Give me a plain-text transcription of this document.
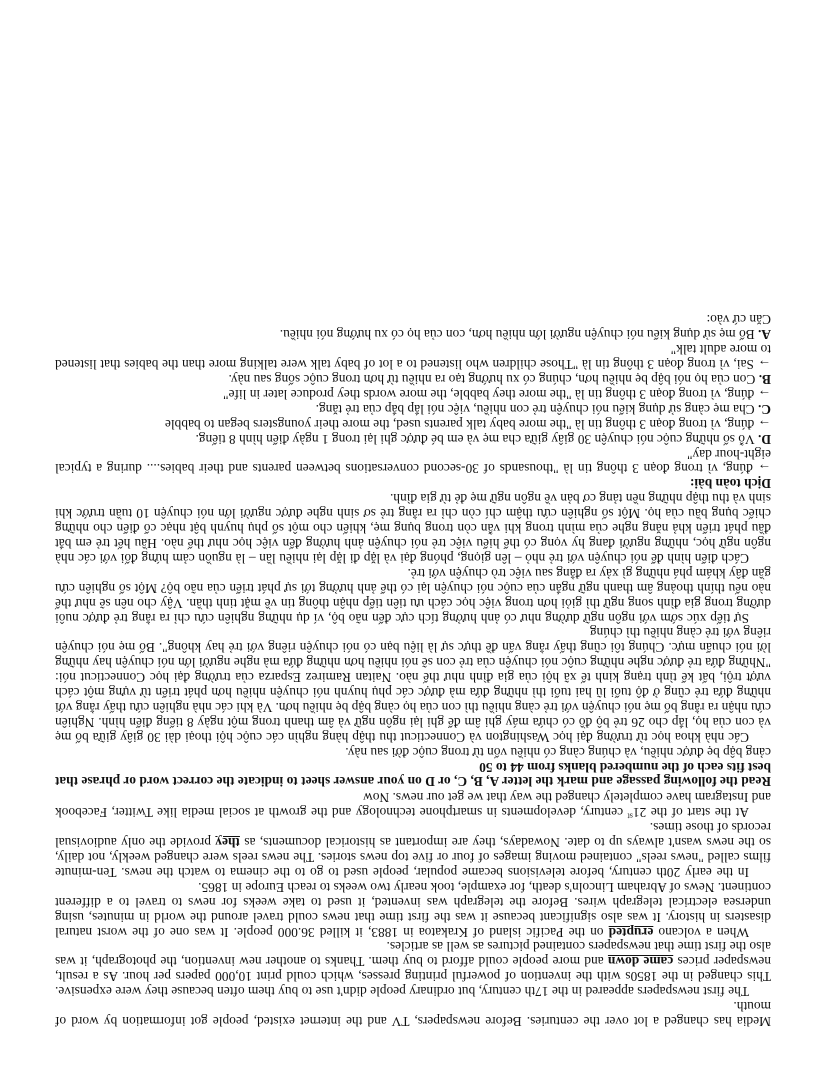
Media has changed a lot over the centuries. Before newspapers, TV and the internet existed, people got information by word of mouth.

The first newspapers appeared in the 17th century, but ordinary people didn't use to buy them often because they were expensive. This changed in the 1850s with the invention of powerful printing presses, which could print 10,000 papers per hour. As a result, newspaper prices came down and more people could afford to buy them. Thanks to another new invention, the photograph, it was also the first time that newspapers contained pictures as well as articles.

When a volcano erupted on the Pacific island of Krakatoa in 1883, it killed 36.000 people. It was one of the worst natural disasters in history. It was also significant because it was the first time that news could travel around the world in minutes, using undersea electrical telegraph wires. Before the telegraph was invented, it used to take weeks for news to travel to a different continent. News of Abraham Lincoln's death, for example, took nearly two weeks to reach Europe in 1865.

In the early 20th century, before televisions became popular, people used to go to the cinema to watch the news. Ten-minute films called "news reels" contained moving images of four or five top news stories. The news reels were changed weekly, not daily, so the news wasn't always up to date. Nowadays, they are important as historical documents, as they provide the only audiovisual records of those times.

At the start of the 21st century, developments in smartphone technology and the growth at social media like Twitter, Facebook and Instagram have completely changed the way that we get our news. Now

Read the following passage and mark the letter A, B, C, or D on your answer sheet to indicate the correct word or phrase that best fits each of the numbered blanks from 44 to 50

cảng bập bẹ được nhiều, và chúng càng có nhiều vốn từ trong cuộc đời sau này.

Các nhà khoa học từ trường đại học Washington và Connecticut thu thập hàng nghìn các cuộc hội thoại dài 30 giây giữa bố mẹ và con của họ, lắp cho 26 trẻ bộ đồ có chứa máy ghi âm để ghi lại ngôn ngữ và âm thanh trong một ngày 8 tiếng điển hình. Nghiên cứu nhận ra rằng bố mẹ nói chuyện với trẻ càng nhiều thì con của họ càng bập bẹ nhiều hơn. Và khi các nhà nghiên cứu thấy rằng với những đứa trẻ cũng ở độ tuổi lũ hai tuổi thì những đứa mà được các phụ huynh nói chuyện nhiều hơn phát triển từ vựng một cách vượt trội, bất kể tình trạng kinh tế xã hội của gia đình như thế nào. Naitan Ramirez Esparza của trường đại học Connecticut nói: "Những đứa trẻ được nghe những cuộc nói chuyện của trẻ con sẽ nói nhiều hơn những đứa mà nghe người lớn nói chuyện hay những lời nói chuẩn mực. Chúng tôi cũng thấy rằng vấn đề thực sự là liệu bạn có nói chuyện riêng với trẻ hay không". Bố mẹ nói chuyện riêng với trẻ càng nhiều thì chúng

Sự tiếp xúc sớm với ngôn ngữ dường như có ảnh hưởng tích cực đến não bộ, ví dụ những nghiên cứu chỉ ra rằng trẻ được nuôi dưỡng trong gia đình song ngữ thì giỏi hơn trong việc học cách ưu tiên tiếp nhận thông tin về mặt tinh thần. Vậy cho nên sẽ như thế nào nếu thính thoảng âm thanh ngữ ngắn của cuộc nói chuyện lại có thể ảnh hưởng tới sự phát triển của não bộ? Một số nghiên cứu gần đây khám phá những gì xảy ra đằng sau việc trò chuyện với trẻ.

Cách điển hình để nói chuyện với trẻ nhỏ – lên giọng, phóng đại và lặp đi lặp lại nhiều lần – là nguồn cảm hứng đối với các nhà ngôn ngữ học, những người đang hy vọng có thể hiểu việc trẻ nói chuyện ảnh hưởng đến việc học như thế nào. Hầu hết trẻ em bắt đầu phát triển khả năng nghe của mình trong khi vẫn còn trong bụng mẹ, khiến cho một số phụ huynh bật nhạc cổ điển cho những chiếc bụng bầu của họ. Một số nghiên cứu thậm chí còn chỉ ra rằng trẻ sơ sinh nghe được người lớn nói chuyện 10 tuần trước khi sinh và thu thập những nền tảng cơ bản về ngôn ngữ mẹ đẻ từ gia đình.

Dịch toàn bài:

→ đúng, vì trong đoạn 3 thông tin là "thousands of 30-second conversations between parents and their babies.... during a typical eight-hour day"

D. Vỗ số những cuộc nói chuyện 30 giây giữa cha mẹ và em bé được ghi lại trong 1 ngày điển hình 8 tiếng.

→ đúng, vì trong đoạn 3 thông tin là "the more baby talk parents used, the more their youngsters began to babble

C. Cha mẹ càng sử dụng kiểu nói chuyện trẻ con nhiều, việc nói lắp bắp của trẻ tăng.

→ đúng, vì trong đoạn 3 thông tin là "the more they babble, the more words they produce later in life"

B. Con của họ nói bập bẹ nhiều hơn, chúng có xu hướng tạo ra nhiều từ hơn trong cuộc sống sau này.

→ Sai, vì trong đoạn 3 thông tin là "Those children who listened to a lot of baby talk were talking more than the babies that listened to more adult talk"

A. Bố mẹ sử dụng kiểu nói chuyện người lớn nhiều hơn, con của họ có xu hướng nói nhiều.

Căn cứ vào:
